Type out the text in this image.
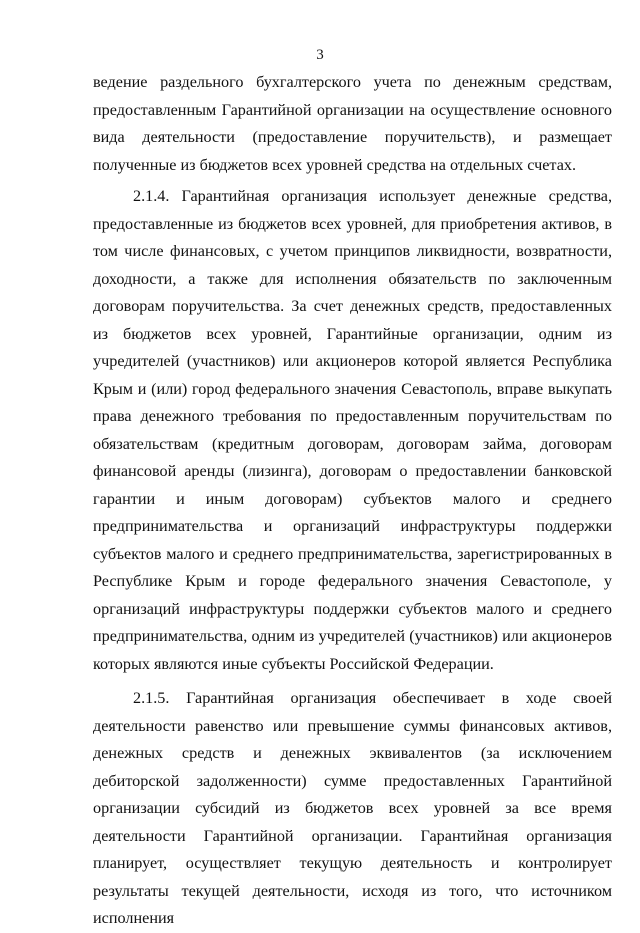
3

ведение раздельного бухгалтерского учета по денежным средствам, предоставленным Гарантийной организации на осуществление основного вида деятельности (предоставление поручительств), и размещает полученные из бюджетов всех уровней средства на отдельных счетах.

2.1.4. Гарантийная организация использует денежные средства, предоставленные из бюджетов всех уровней, для приобретения активов, в том числе финансовых, с учетом принципов ликвидности, возвратности, доходности, а также для исполнения обязательств по заключенным договорам поручительства. За счет денежных средств, предоставленных из бюджетов всех уровней, Гарантийные организации, одним из учредителей (участников) или акционеров которой является Республика Крым и (или) город федерального значения Севастополь, вправе выкупать права денежного требования по предоставленным поручительствам по обязательствам (кредитным договорам, договорам займа, договорам финансовой аренды (лизинга), договорам о предоставлении банковской гарантии и иным договорам) субъектов малого и среднего предпринимательства и организаций инфраструктуры поддержки субъектов малого и среднего предпринимательства, зарегистрированных в Республике Крым и городе федерального значения Севастополе, у организаций инфраструктуры поддержки субъектов малого и среднего предпринимательства, одним из учредителей (участников) или акционеров которых являются иные субъекты Российской Федерации.

2.1.5. Гарантийная организация обеспечивает в ходе своей деятельности равенство или превышение суммы финансовых активов, денежных средств и денежных эквивалентов (за исключением дебиторской задолженности) сумме предоставленных Гарантийной организации субсидий из бюджетов всех уровней за все время деятельности Гарантийной организации. Гарантийная организация планирует, осуществляет текущую деятельность и контролирует результаты текущей деятельности, исходя из того, что источником исполнения
